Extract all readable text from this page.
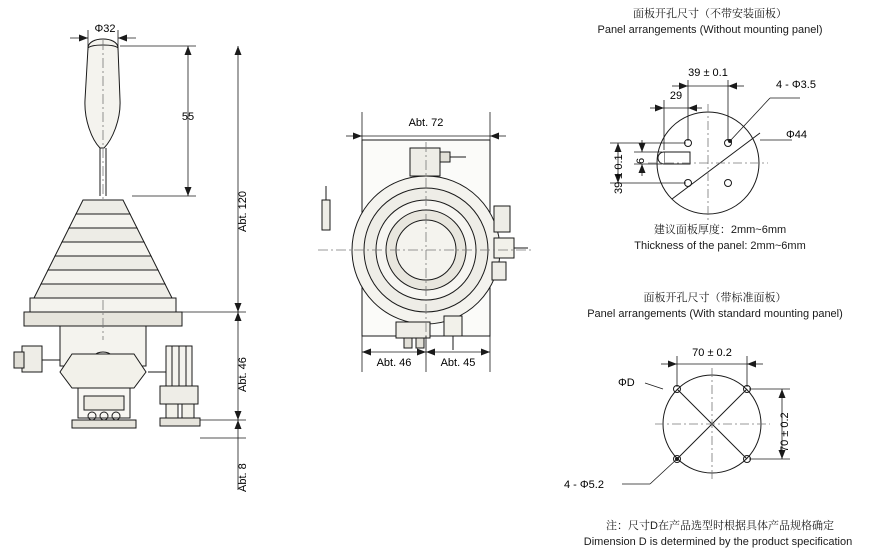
Φ32
55
Abt. 120
Abt. 46
Abt. 8
Abt. 72
Abt. 46	Abt. 45
面板开孔尺寸（不带安装面板）
Panel arrangements (Without mounting panel)
39 ± 0.1
29
39 ± 0.1 6
4 - Φ3.5
Φ44
建议面板厚度：2mm~6mm
Thickness of the panel: 2mm~6mm
面板开孔尺寸（带标准面板）
Panel arrangements (With standard mounting panel)
70 ± 0.2
70 ± 0.2
ΦD
4 - Φ5.2
注：尺寸D在产品选型时根据具体产品规格确定
Dimension D is determined by the product specification
